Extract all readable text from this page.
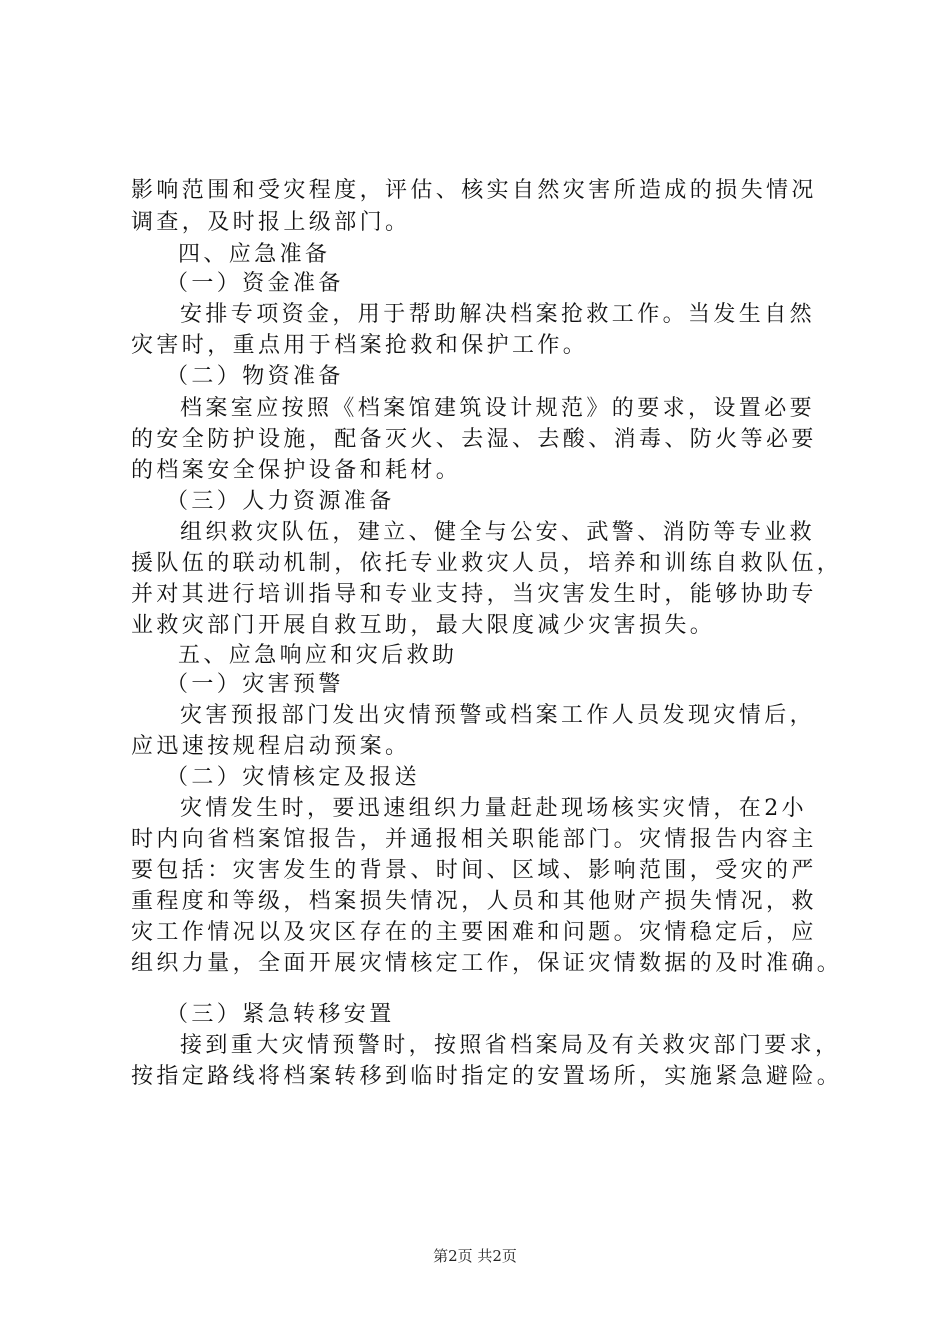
影响范围和受灾程度，评估、核实自然灾害所造成的损失情况
调查，及时报上级部门。
四、应急准备
（一）资金准备
安排专项资金，用于帮助解决档案抢救工作。当发生自然
灾害时，重点用于档案抢救和保护工作。
（二）物资准备
档案室应按照《档案馆建筑设计规范》的要求，设置必要
的安全防护设施，配备灭火、去湿、去酸、消毒、防火等必要
的档案安全保护设备和耗材。
（三）人力资源准备
组织救灾队伍，建立、健全与公安、武警、消防等专业救
援队伍的联动机制，依托专业救灾人员，培养和训练自救队伍，
并对其进行培训指导和专业支持，当灾害发生时，能够协助专
业救灾部门开展自救互助，最大限度减少灾害损失。
五、应急响应和灾后救助
（一）灾害预警
灾害预报部门发出灾情预警或档案工作人员发现灾情后，
应迅速按规程启动预案。
（二）灾情核定及报送
灾情发生时，要迅速组织力量赶赴现场核实灾情，在2小
时内向省档案馆报告，并通报相关职能部门。灾情报告内容主
要包括：灾害发生的背景、时间、区域、影响范围，受灾的严
重程度和等级，档案损失情况，人员和其他财产损失情况，救
灾工作情况以及灾区存在的主要困难和问题。灾情稳定后，应
组织力量，全面开展灾情核定工作，保证灾情数据的及时准确。
（三）紧急转移安置
接到重大灾情预警时，按照省档案局及有关救灾部门要求，
按指定路线将档案转移到临时指定的安置场所，实施紧急避险。
第2页 共2页
